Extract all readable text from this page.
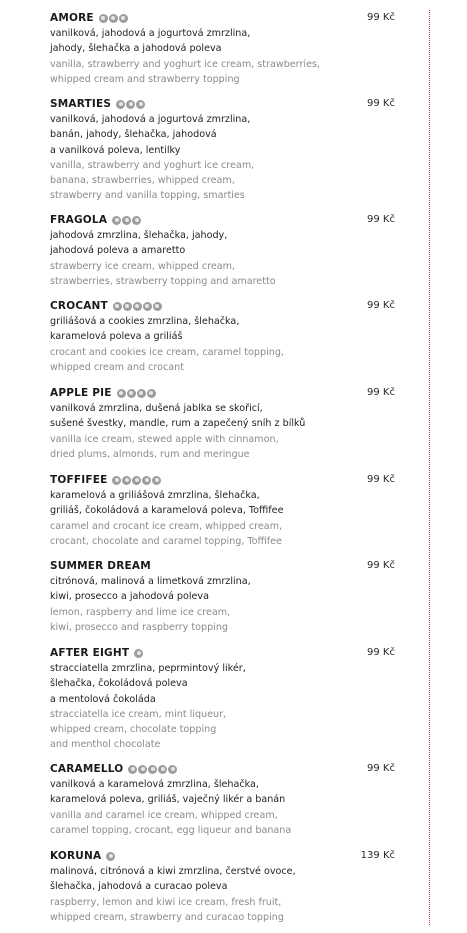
AMORE	99 Kč
vanilková, jahodová a jogurtová zmrzlina,
jahody, šlehačka a jahodová poleva
vanilla, strawberry and yoghurt ice cream, strawberries,
whipped cream and strawberry topping
SMARTIES	99 Kč
vanilková, jahodová a jogurtová zmrzlina,
banán, jahody, šlehačka, jahodová
a vanilková poleva, lentilky
vanilla, strawberry and yoghurt ice cream,
banana, strawberries, whipped cream,
strawberry and vanilla topping, smarties
FRAGOLA	99 Kč
jahodová zmrzlina, šlehačka, jahody,
jahodová poleva a amaretto
strawberry ice cream, whipped cream,
strawberries, strawberry topping and amaretto
CROCANT	99 Kč
griliášová a cookies zmrzlina, šlehačka,
karamelová poleva a griliáš
crocant and cookies ice cream, caramel topping,
whipped cream and crocant
APPLE PIE	99 Kč
vanilková zmrzlina, dušená jablka se skořicí,
sušené švestky, mandle, rum a zapečený sníh z bílků
vanilla ice cream, stewed apple with cinnamon,
dried plums, almonds, rum and meringue
TOFFIFEE	99 Kč
karamelová a griliášová zmrzlina, šlehačka,
griliáš, čokoládová a karamelová poleva, Toffifee
caramel and crocant ice cream, whipped cream,
crocant, chocolate and caramel topping, Toffifee
SUMMER DREAM	99 Kč
citrónová, malinová a limetková zmrzlina,
kiwi, prosecco a jahodová poleva
lemon, raspberry and lime ice cream,
kiwi, prosecco and raspberry topping
AFTER EIGHT	99 Kč
stracciatella zmrzlina, peprmintový likér,
šlehačka, čokoládová poleva
a mentolová čokoláda
stracciatella ice cream, mint liqueur,
whipped cream, chocolate topping
and menthol chocolate
CARAMELLO	99 Kč
vanilková a karamelová zmrzlina, šlehačka,
karamelová poleva, griliáš, vaječný likér a banán
vanilla and caramel ice cream, whipped cream,
caramel topping, crocant, egg liqueur and banana
KORUNA	139 Kč
malinová, citrónová a kiwi zmrzlina, čerstvé ovoce,
šlehačka, jahodová a curacao poleva
raspberry, lemon and kiwi ice cream, fresh fruit,
whipped cream, strawberry and curacao topping
